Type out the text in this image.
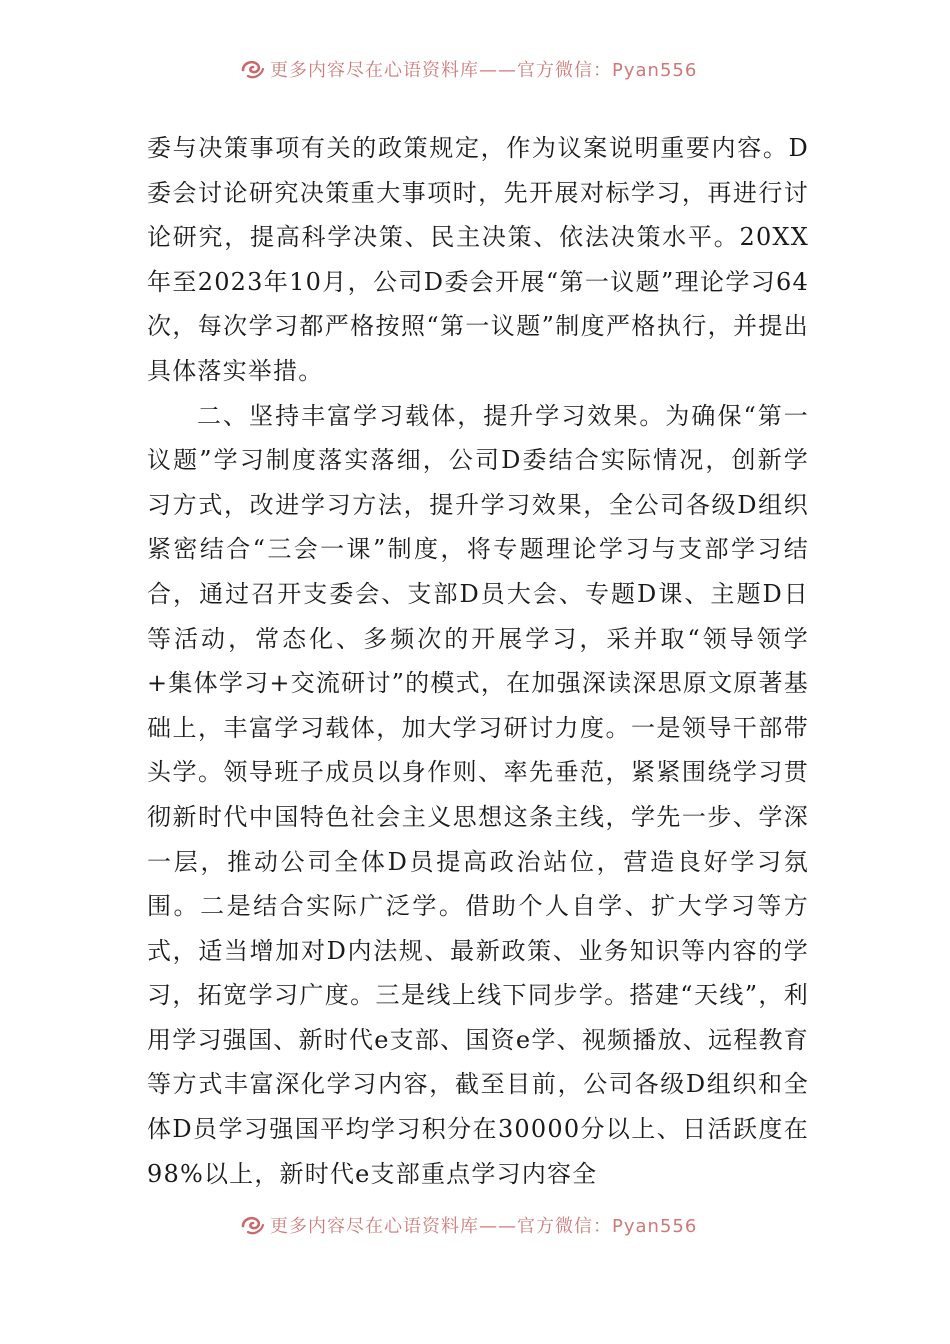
更多内容尽在心语资料库——官方微信：Pyan556

委与决策事项有关的政策规定，作为议案说明重要内容。D委会讨论研究决策重大事项时，先开展对标学习，再进行讨论研究，提高科学决策、民主决策、依法决策水平。20XX年至2023年10月，公司D委会开展“第一议题”理论学习64次，每次学习都严格按照“第一议题”制度严格执行，并提出具体落实举措。

二、坚持丰富学习载体，提升学习效果。为确保“第一议题”学习制度落实落细，公司D委结合实际情况，创新学习方式，改进学习方法，提升学习效果，全公司各级D组织紧密结合“三会一课”制度，将专题理论学习与支部学习结合，通过召开支委会、支部D员大会、专题D课、主题D日等活动，常态化、多频次的开展学习，采并取“领导领学+集体学习+交流研讨”的模式，在加强深读深思原文原著基础上，丰富学习载体，加大学习研讨力度。一是领导干部带头学。领导班子成员以身作则、率先垂范，紧紧围绕学习贯彻新时代中国特色社会主义思想这条主线，学先一步、学深一层，推动公司全体D员提高政治站位，营造良好学习氛围。二是结合实际广泛学。借助个人自学、扩大学习等方式，适当增加对D内法规、最新政策、业务知识等内容的学习，拓宽学习广度。三是线上线下同步学。搭建“天线”，利用学习强国、新时代e支部、国资e学、视频播放、远程教育等方式丰富深化学习内容，截至目前，公司各级D组织和全体D员学习强国平均学习积分在30000分以上、日活跃度在98%以上，新时代e支部重点学习内容全

更多内容尽在心语资料库——官方微信：Pyan556
